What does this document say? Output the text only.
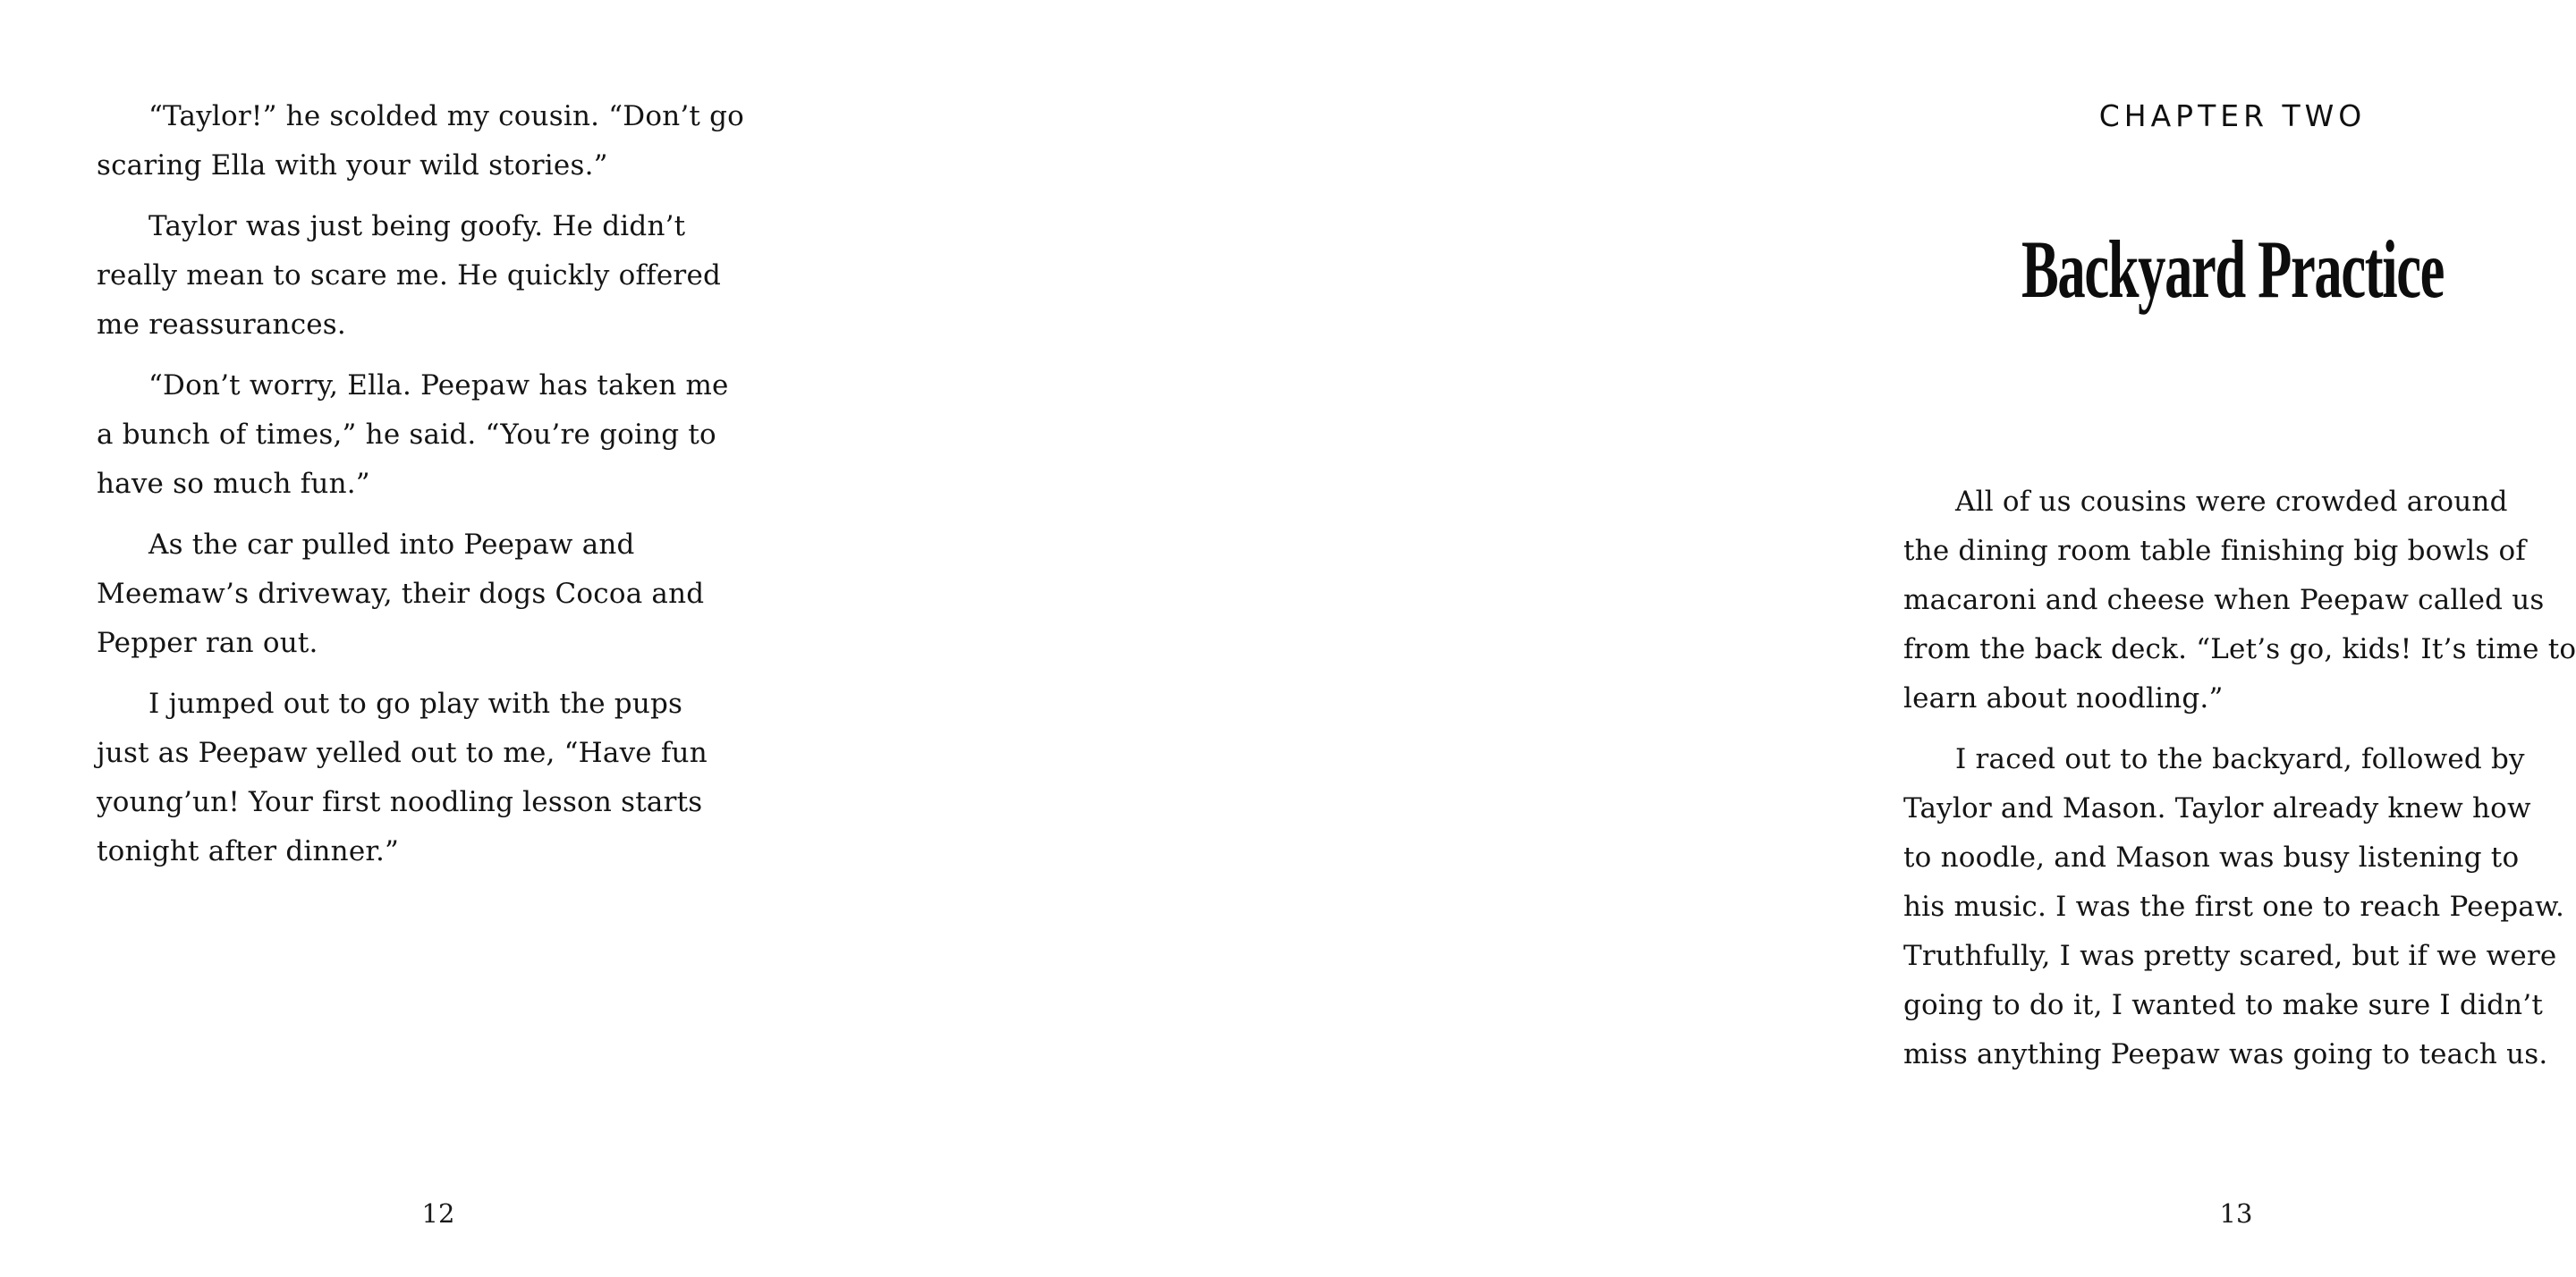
“Taylor!” he scolded my cousin. “Don’t go
scaring Ella with your wild stories.”
Taylor was just being goofy. He didn’t
really mean to scare me. He quickly offered
me reassurances.
“Don’t worry, Ella. Peepaw has taken me
a bunch of times,” he said. “You’re going to
have so much fun.”
As the car pulled into Peepaw and
Meemaw’s driveway, their dogs Cocoa and
Pepper ran out.
I jumped out to go play with the pups
just as Peepaw yelled out to me, “Have fun
young’un! Your first noodling lesson starts
tonight after dinner.”
12
CHAPTER TWO
Backyard Practice
All of us cousins were crowded around
the dining room table finishing big bowls of
macaroni and cheese when Peepaw called us
from the back deck. “Let’s go, kids! It’s time to
learn about noodling.”
I raced out to the backyard, followed by
Taylor and Mason. Taylor already knew how
to noodle, and Mason was busy listening to
his music. I was the first one to reach Peepaw.
Truthfully, I was pretty scared, but if we were
going to do it, I wanted to make sure I didn’t
miss anything Peepaw was going to teach us.
13
